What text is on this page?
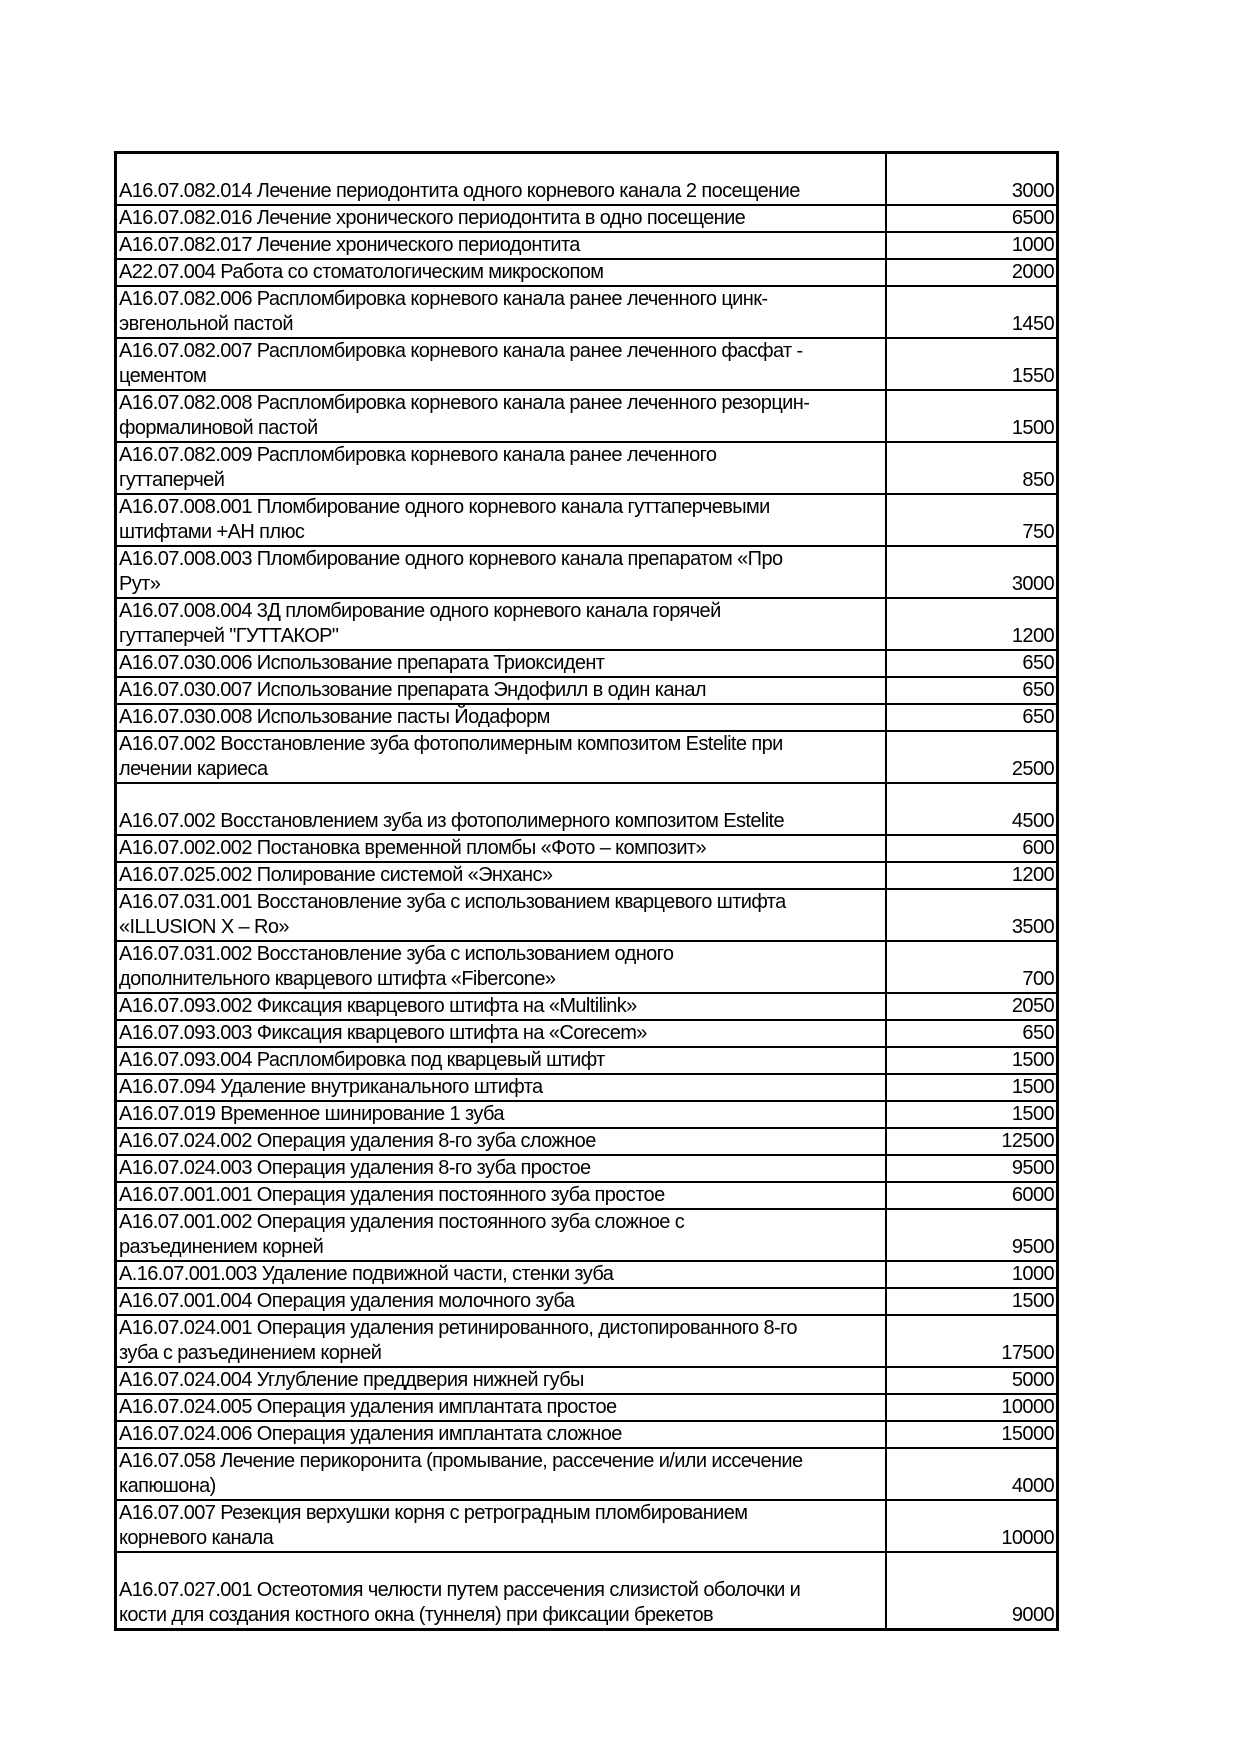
А16.07.082.014 Лечение периодонтита одного корневого канала 2 посещение	3000

А16.07.082.016 Лечение хронического периодонтита в одно посещение	6500

А16.07.082.017 Лечение хронического периодонтита	1000

А22.07.004 Работа со стоматологическим микроскопом	2000

А16.07.082.006 Распломбировка корневого канала ранее леченного цинк-
эвгенольной пастой	1450

А16.07.082.007 Распломбировка корневого канала ранее леченного фасфат -
цементом	1550

А16.07.082.008 Распломбировка корневого канала ранее леченного резорцин-
формалиновой пастой	1500

А16.07.082.009 Распломбировка корневого канала ранее леченного
гуттаперчей	850

А16.07.008.001 Пломбирование одного корневого канала гуттаперчевыми
штифтами +АН плюс	750

А16.07.008.003 Пломбирование одного корневого канала препаратом «Про
Рут»	3000

А16.07.008.004 3Д пломбирование одного корневого канала горячей
гуттаперчей "ГУТТАКОР"	1200

А16.07.030.006 Использование препарата Триоксидент	650

А16.07.030.007 Использование препарата Эндофилл в один канал	650

А16.07.030.008 Использование пасты Йодаформ	650

А16.07.002 Восстановление зуба фотополимерным композитом Estelite при
лечении кариеса	2500

А16.07.002 Восстановлением зуба из фотополимерного композитом Estelite	4500

А16.07.002.002 Постановка временной пломбы «Фото – композит»	600

А16.07.025.002 Полирование системой «Энханс»	1200

А16.07.031.001 Восстановление зуба с использованием кварцевого штифта
«ILLUSION X – Ro»	3500

А16.07.031.002 Восстановление зуба с использованием одного
дополнительного кварцевого штифта «Fibercone»	700

А16.07.093.002 Фиксация кварцевого штифта на «Multilink»	2050

А16.07.093.003 Фиксация кварцевого штифта на «Corecem»	650

А16.07.093.004 Распломбировка под кварцевый штифт	1500

А16.07.094 Удаление внутриканального штифта	1500

А16.07.019 Временное шинирование 1 зуба	1500

А16.07.024.002 Операция удаления 8-го зуба сложное	12500

А16.07.024.003 Операция удаления 8-го зуба простое	9500

А16.07.001.001 Операция удаления постоянного зуба простое	6000

А16.07.001.002 Операция удаления постоянного зуба сложное с
разъединением корней	9500

А.16.07.001.003 Удаление подвижной части, стенки зуба	1000

А16.07.001.004 Операция удаления молочного зуба	1500

А16.07.024.001 Операция удаления ретинированного, дистопированного 8-го
зуба с разъединением корней	17500

А16.07.024.004 Углубление преддверия нижней губы	5000

А16.07.024.005 Операция удаления имплантата простое	10000

А16.07.024.006 Операция удаления имплантата сложное	15000

А16.07.058 Лечение перикоронита (промывание, рассечение и/или иссечение
капюшона)	4000

А16.07.007 Резекция верхушки корня с ретроградным пломбированием
корневого канала	10000

А16.07.027.001 Остеотомия челюсти путем рассечения слизистой оболочки и
кости для создания костного окна (туннеля) при фиксации брекетов	9000
